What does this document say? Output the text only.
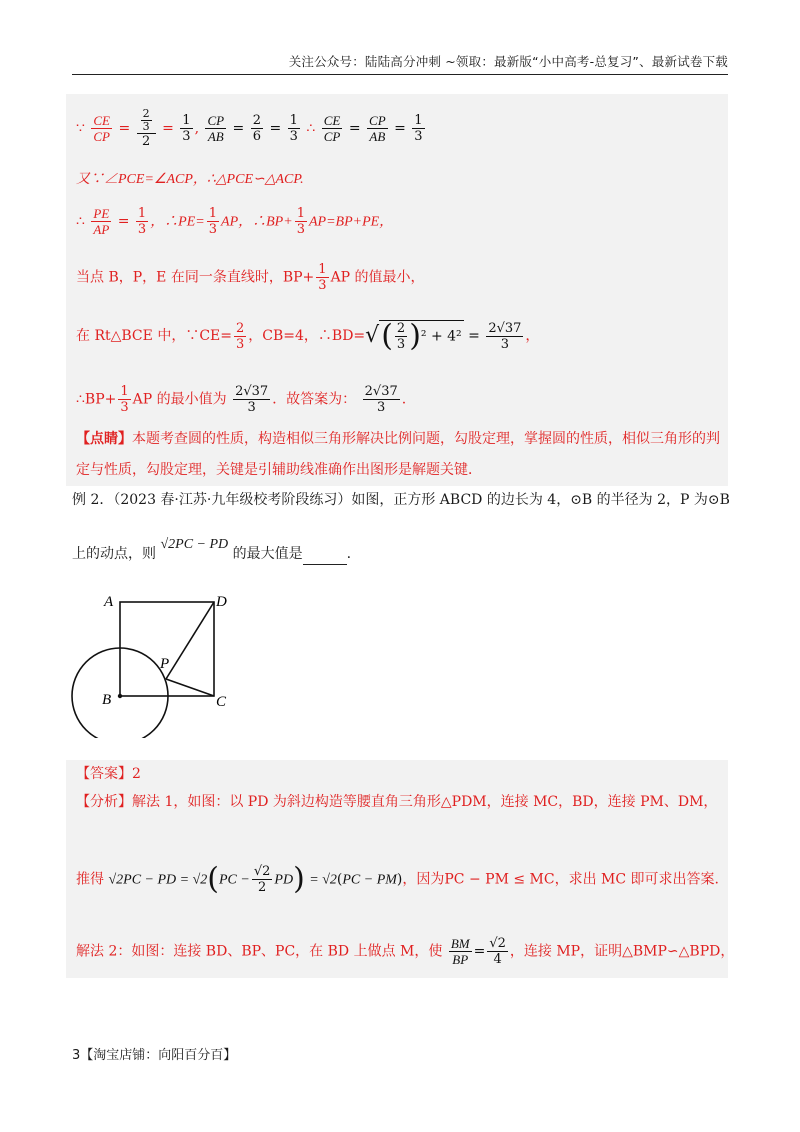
关注公众号：陆陆高分冲刺 ~领取：最新版“小中高考-总复习”、最新试卷下载
∵ $\frac{CE}{CP} = \frac{\frac{2}{3}}{2} = \frac{1}{3}$ , $\frac{CP}{AB} = \frac{2}{6} = \frac{1}{3}$ ∴ $\frac{CE}{CP} = \frac{CP}{AB} = \frac{1}{3}$
又∵∠PCE=∠ACP，∴△PCE∽△ACP.
∴ $\frac{PE}{AP} = \frac{1}{3}$ ，∴PE= $\frac{1}{3}$ AP，∴BP+ $\frac{1}{3} AP=BP+PE$，
当点 B，P，E 在同一条直线时，$BP+ \frac{1}{3}$ AP 的值最小，
在 Rt△BCE 中，∵CE= $\frac{2}{3}$ ，CB=4，∴BD=√( $\frac{2}{3} )^2 + 4^2 = \frac{2√37}{3}$ ，
∴BP+ $\frac{1}{3}$ AP 的最小值为 $\frac{2√37}{3}$ ．故答案为： $\frac{2√37}{3}$ .
【点睛】本题考查圆的性质，构造相似三角形解决比例问题，勾股定理，掌握圆的性质，相似三角形的判定与性质，勾股定理，关键是引辅助线准确作出图形是解题关键．
例 2．（2023 春·江苏·九年级校考阶段练习）如图，正方形 ABCD 的边长为 4，⊙B 的半径为 2，P 为⊙B
上的动点，则 √2PC − PD 的最大值是	.
A	D
P
B	C
【答案】2
【分析】解法 1，如图：以 PD 为斜边构造等腰直角三角形△PDM，连接 MC，BD，连接 PM、DM，
推得 √2PC − PD = $√2(PC - \frac{√2}{2} PD) = √2(PC - PM)$，因为PC − PM ≤ MC，求出 MC 即可求出答案.
解法 2：如图：连接 BD、BP、PC，在 BD 上做点 M，使 $\frac{BM}{BP} = \frac{√2}{4}$ ，连接 MP，证明△BMP∽△BPD，
3【淘宝店铺：向阳百分百】
